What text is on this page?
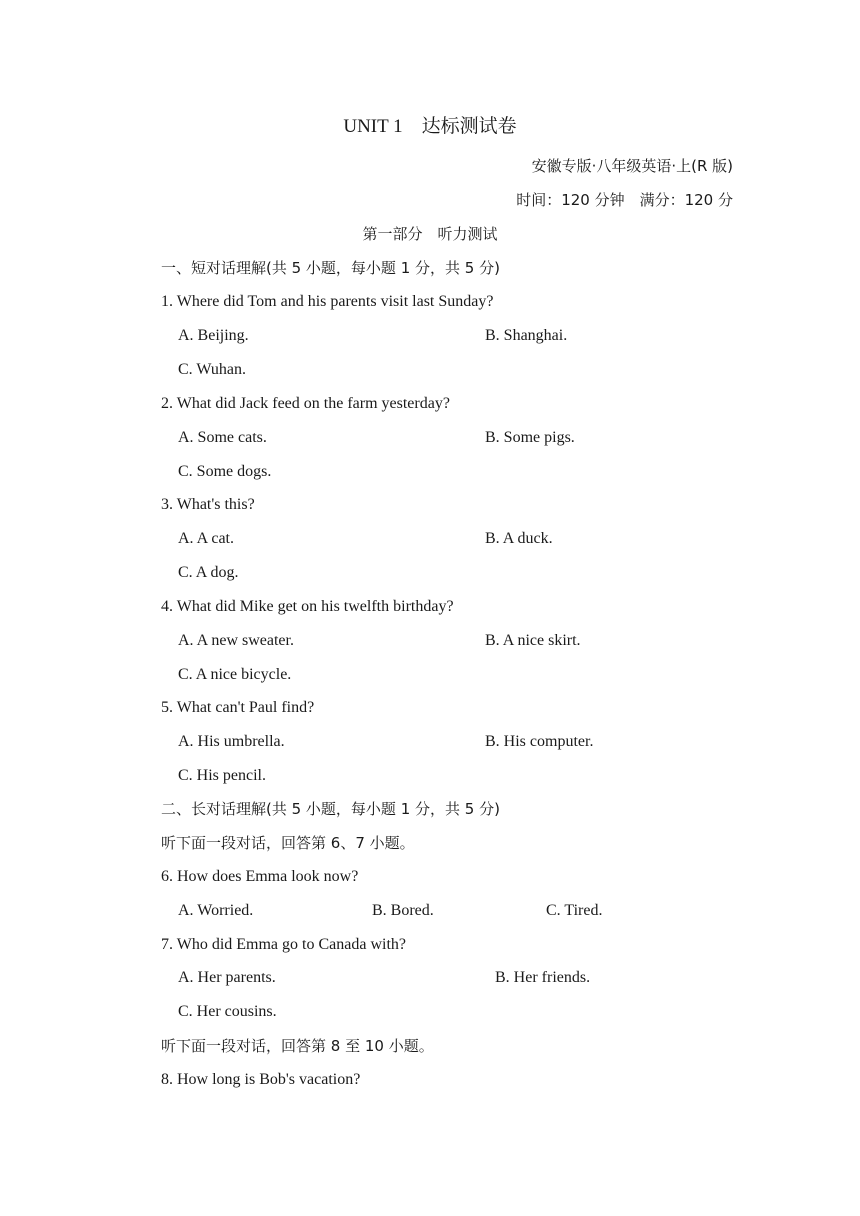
UNIT 1　达标测试卷
安徽专版·八年级英语·上(R 版)
时间：120 分钟　满分：120 分
第一部分　听力测试
一、短对话理解(共 5 小题，每小题 1 分，共 5 分)
1. Where did Tom and his parents visit last Sunday?
A. Beijing.	B. Shanghai.
C. Wuhan.
2. What did Jack feed on the farm yesterday?
A. Some cats.	B. Some pigs.
C. Some dogs.
3. What's this?
A. A cat.	B. A duck.
C. A dog.
4. What did Mike get on his twelfth birthday?
A. A new sweater.	B. A nice skirt.
C. A nice bicycle.
5. What can't Paul find?
A. His umbrella.	B. His computer.
C. His pencil.
二、长对话理解(共 5 小题，每小题 1 分，共 5 分)
听下面一段对话，回答第 6、7 小题。
6. How does Emma look now?
A. Worried.	B. Bored.	C. Tired.
7. Who did Emma go to Canada with?
A. Her parents.	B. Her friends.
C. Her cousins.
听下面一段对话，回答第 8 至 10 小题。
8. How long is Bob's vacation?
